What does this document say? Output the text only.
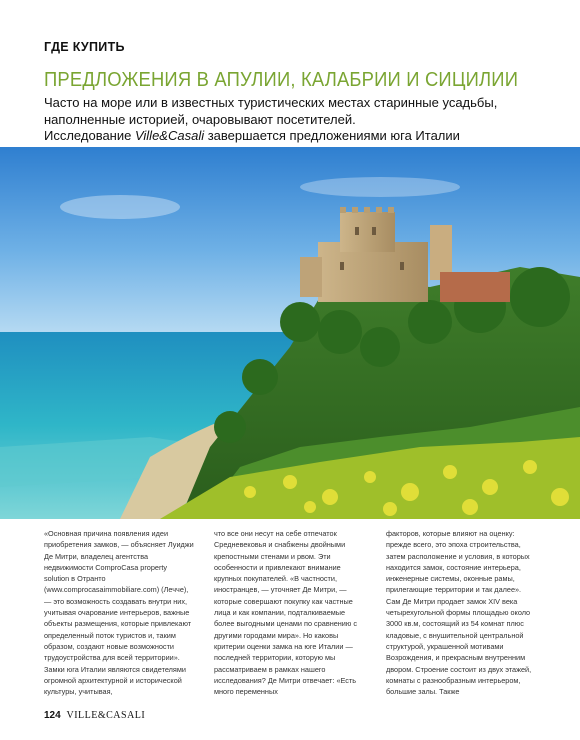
ГДЕ КУПИТЬ
ПРЕДЛОЖЕНИЯ В АПУЛИИ, КАЛАБРИИ И СИЦИЛИИ

Часто на море или в известных туристических местах старинные усадьбы, наполненные историей, очаровывают посетителей.

Исследование Ville&Casali завершается предложениями юга Италии

«Основная причина появления идеи приобретения замков, — объясняет Луиджи Де Митри, владелец агентства недвижимости ComproCasa property solution в Отранто (www.comprocasaimmobiliare.com) (Лечче), — это возможность создавать внутри них, учитывая очарование интерьеров, важные объекты размещения, которые привлекают определенный поток туристов и, таким образом, создают новые возможности трудоустройства для всей территории». Замки юга Италии являются свидетелями огромной архитектурной и исторической культуры, учитывая,
что все они несут на себе отпечаток Средневековья и снабжены двойными крепостными стенами и рвом. Эти особенности и привлекают внимание крупных покупателей. «В частности, иностранцев, — уточняет Де Митри, — которые совершают покупку как частные лица и как компании, подталкиваемые более выгодными ценами по сравнению с другими городами мира». Но каковы критерии оценки замка на юге Италии — последней территории, которую мы рассматриваем в рамках нашего исследования? Де Митри отвечает: «Есть много переменных
факторов, которые влияют на оценку: прежде всего, это эпоха строительства, затем расположение и условия, в которых находится замок, состояние интерьера, инженерные системы, оконные рамы, прилегающие территории и так далее». Сам Де Митри продает замок XIV века четырехугольной формы площадью около 3000 кв.м, состоящий из 54 комнат плюс кладовые, с внушительной центральной структурой, украшенной мотивами Возрождения, и прекрасным внутренним двором. Строение состоит из двух этажей, комнаты с разнообразным интерьером, большие залы. Также
124 VILLE&CASALI
